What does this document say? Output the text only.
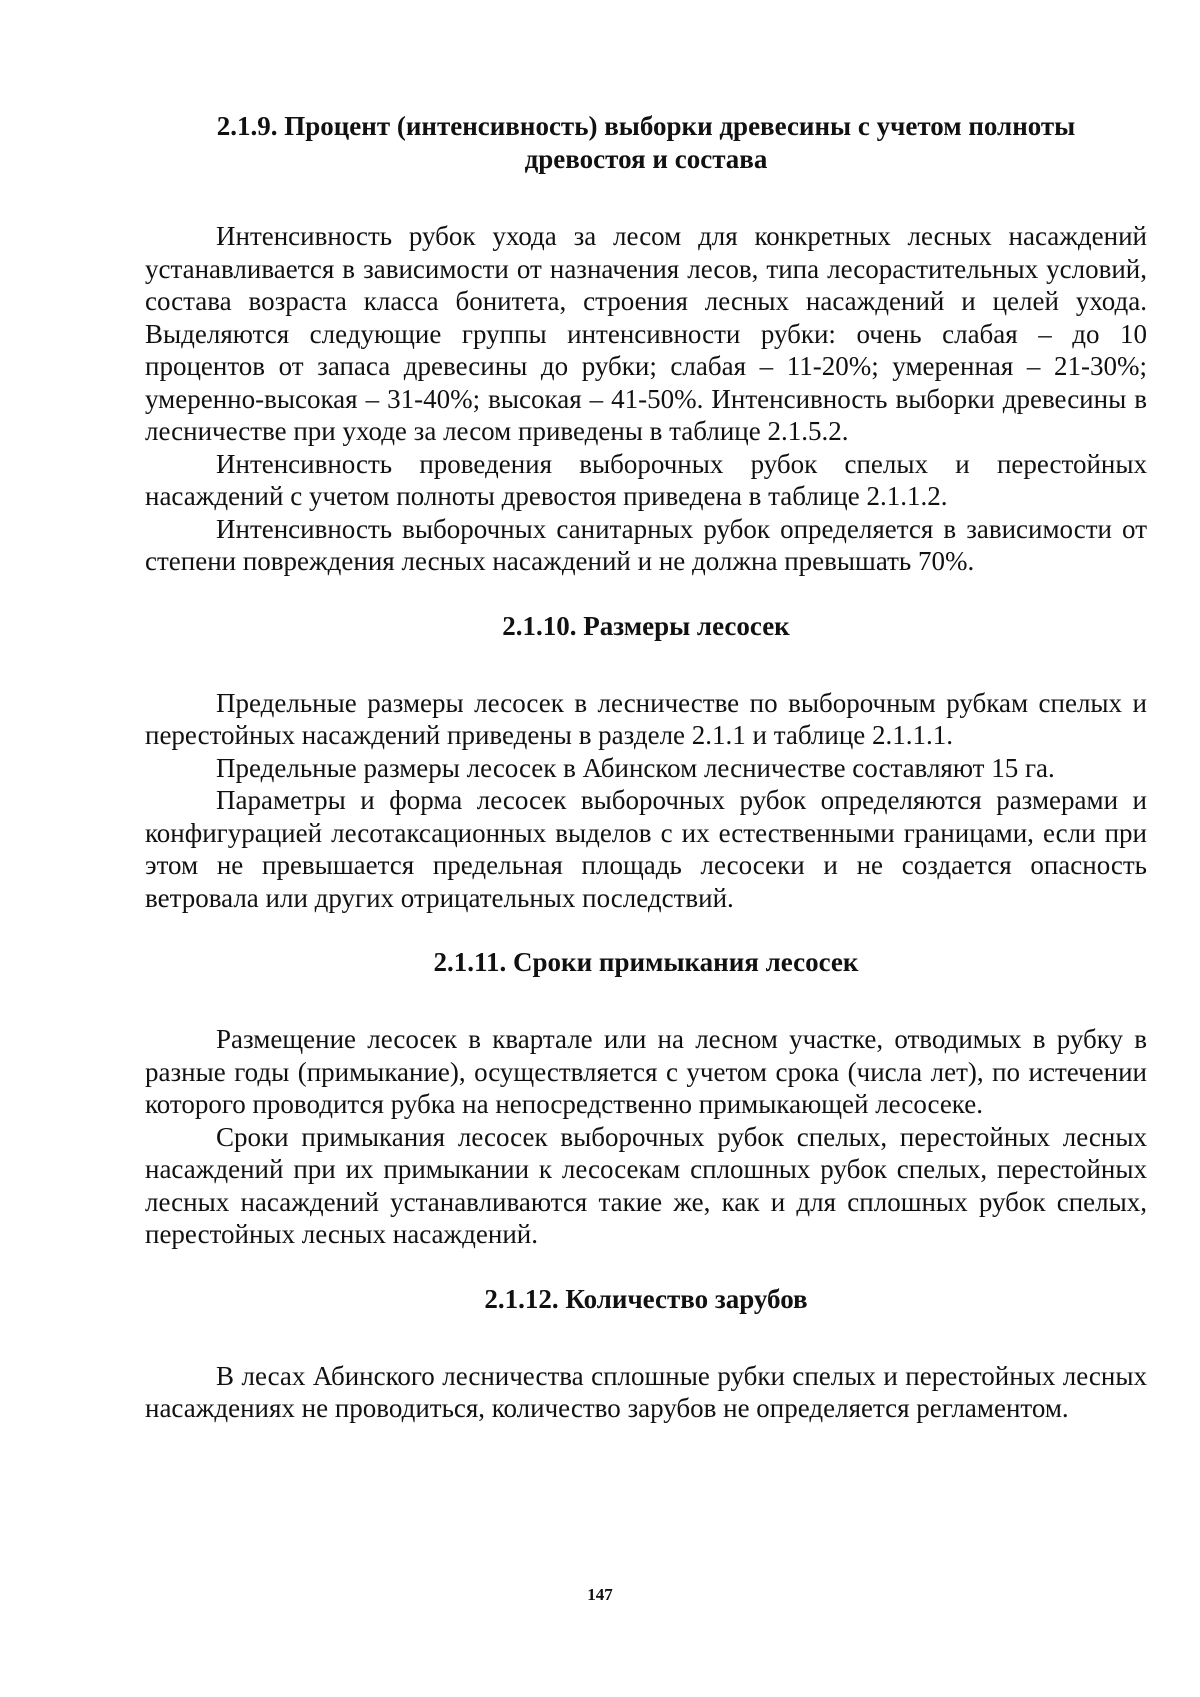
2.1.9. Процент (интенсивность) выборки древесины с учетом полноты
древостоя и состава

Интенсивность рубок ухода за лесом для конкретных лесных насаждений устанавливается в зависимости от назначения лесов, типа лесорастительных условий, состава возраста класса бонитета, строения лесных насаждений и целей ухода. Выделяются следующие группы интенсивности рубки: очень слабая – до 10 процентов от запаса древесины до рубки; слабая – 11-20%; умеренная – 21-30%; умеренно-высокая – 31-40%; высокая – 41-50%. Интенсивность выборки древесины в лесничестве при уходе за лесом приведены в таблице 2.1.5.2.

Интенсивность проведения выборочных рубок спелых и перестойных насаждений с учетом полноты древостоя приведена в таблице 2.1.1.2.

Интенсивность выборочных санитарных рубок определяется в зависимости от степени повреждения лесных насаждений и не должна превышать 70%.

2.1.10. Размеры лесосек

Предельные размеры лесосек в лесничестве по выборочным рубкам спелых и перестойных насаждений приведены в разделе 2.1.1 и таблице 2.1.1.1.

Предельные размеры лесосек в Абинском лесничестве составляют 15 га.

Параметры и форма лесосек выборочных рубок определяются размерами и конфигурацией лесотаксационных выделов с их естественными границами, если при этом не превышается предельная площадь лесосеки и не создается опасность ветровала или других отрицательных последствий.

2.1.11. Сроки примыкания лесосек

Размещение лесосек в квартале или на лесном участке, отводимых в рубку в разные годы (примыкание), осуществляется с учетом срока (числа лет), по истечении которого проводится рубка на непосредственно примыкающей лесосеке.

Сроки примыкания лесосек выборочных рубок спелых, перестойных лесных насаждений при их примыкании к лесосекам сплошных рубок спелых, перестойных лесных насаждений устанавливаются такие же, как и для сплошных рубок спелых, перестойных лесных насаждений.

2.1.12. Количество зарубов

В лесах Абинского лесничества сплошные рубки спелых и перестойных лесных насаждениях не проводиться, количество зарубов не определяется регламентом.

147
